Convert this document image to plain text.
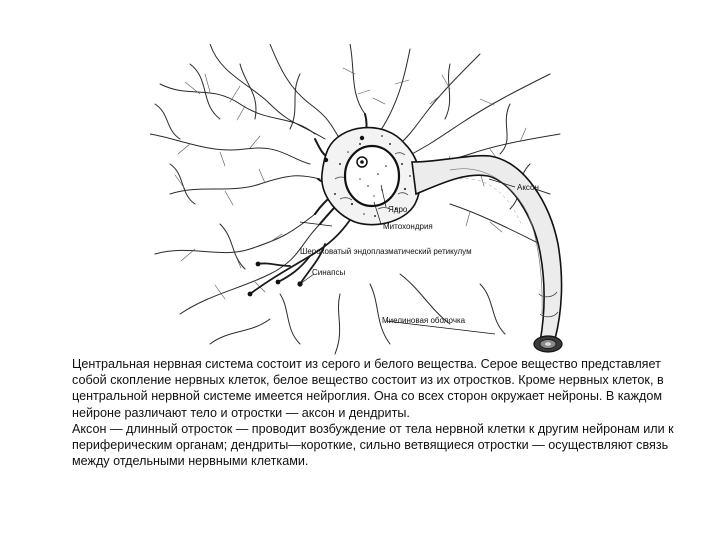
Аксон
Ядро
Митохондрия
Шероховатый эндоплазматический ретикулум
Синапсы
Миелиновая оболочка

Центральная нервная система состоит из серого и белого вещества. Серое вещество представляет собой скопление нервных клеток, белое вещество состоит из их отростков. Кроме нервных клеток, в центральной нервной системе имеется нейроглия. Она со всех сторон окружает нейроны. В каждом нейроне различают тело и отростки — аксон и дендриты.

Аксон — длинный отросток — проводит возбуждение от тела нервной клетки к другим нейронам или к периферическим органам; дендриты—короткие, сильно ветвящиеся отростки — осуществляют связь между отдельными нервными клетками.
